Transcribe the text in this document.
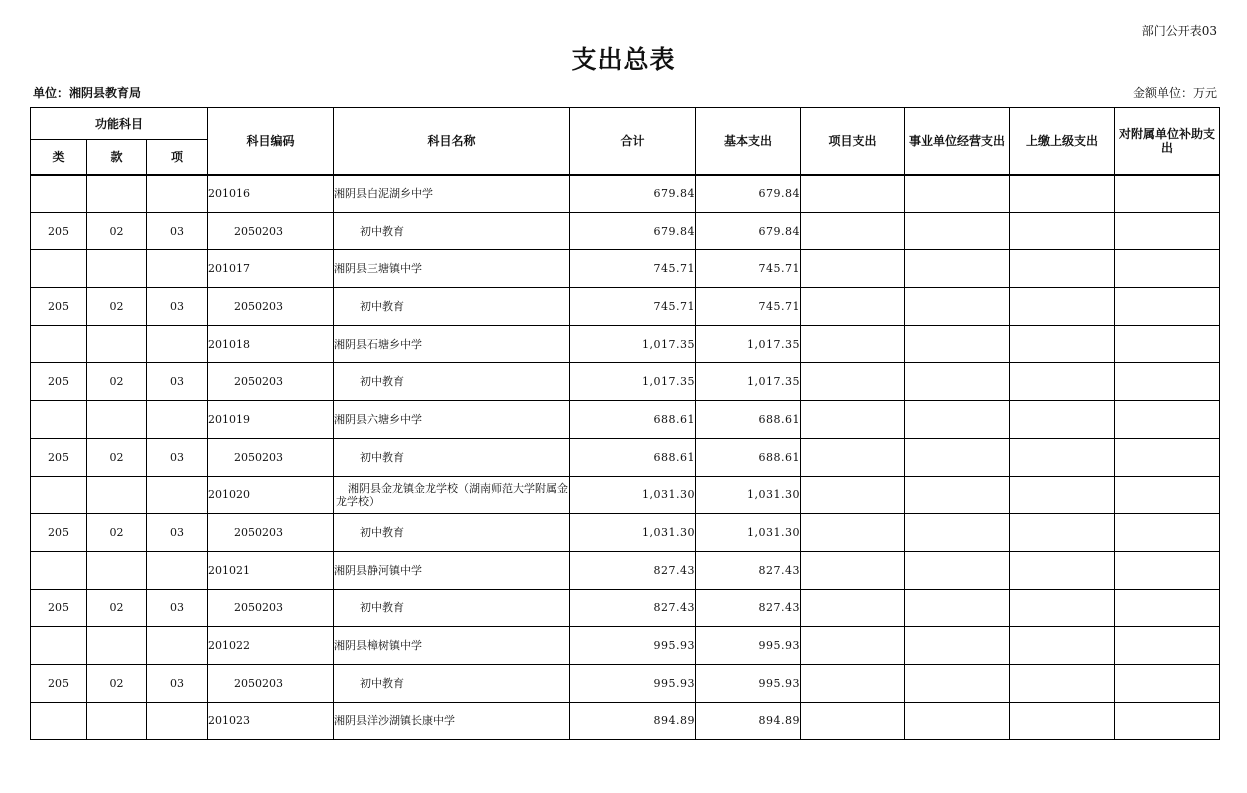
部门公开表03
支出总表
单位：湘阴县教育局	金额单位：万元
功能科目			科目编码	科目名称	合计	基本支出	项目支出	事业单位经营支出	上缴上级支出	对附属单位补助支出
类	款	项								
			201016	湘阴县白泥湖乡中学	679.84	679.84				
205	02	03	2050203	初中教育	679.84	679.84				
			201017	湘阴县三塘镇中学	745.71	745.71				
205	02	03	2050203	初中教育	745.71	745.71				
			201018	湘阴县石塘乡中学	1,017.35	1,017.35				
205	02	03	2050203	初中教育	1,017.35	1,017.35				
			201019	湘阴县六塘乡中学	688.61	688.61				
205	02	03	2050203	初中教育	688.61	688.61				
			201020	湘阴县金龙镇金龙学校（湖南师范大学附属金龙学校）	1,031.30	1,031.30				
205	02	03	2050203	初中教育	1,031.30	1,031.30				
			201021	湘阴县静河镇中学	827.43	827.43				
205	02	03	2050203	初中教育	827.43	827.43				
			201022	湘阴县樟树镇中学	995.93	995.93				
205	02	03	2050203	初中教育	995.93	995.93				
			201023	湘阴县洋沙湖镇长康中学	894.89	894.89				
